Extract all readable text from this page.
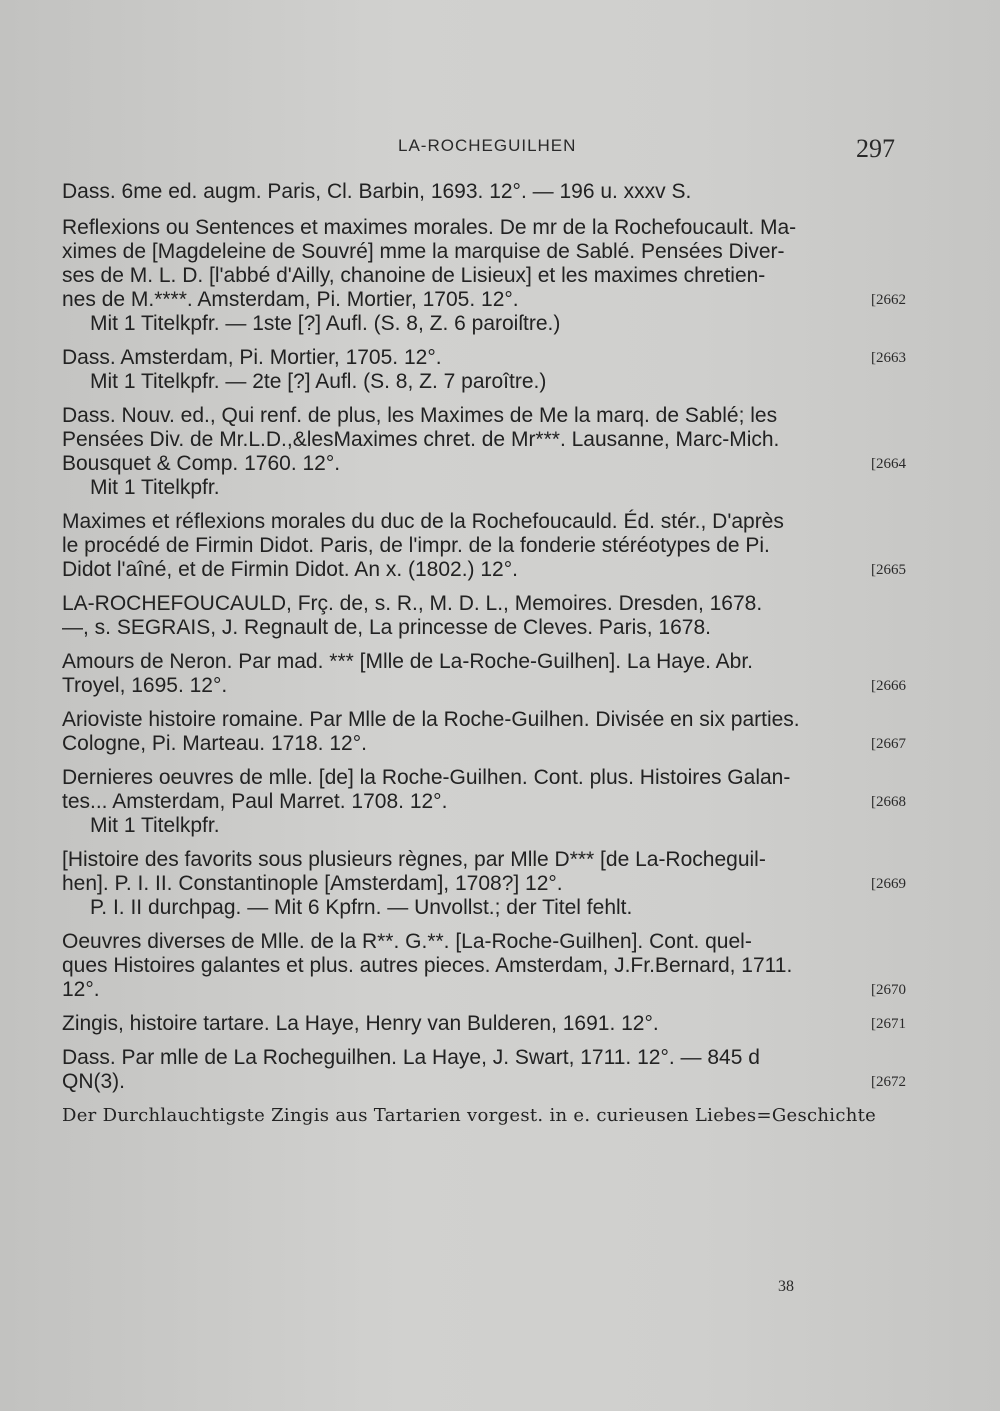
LA-ROCHEGUILHEN	297
Dass. 6me ed. augm. Paris, Cl. Barbin, 1693. 12°. — 196 u. xxxv S.
Reflexions ou Sentences et maximes morales. De mr de la Rochefoucault. Ma-
ximes de [Magdeleine de Souvré] mme la marquise de Sablé. Pensées Diver-
ses de M. L. D. [l'abbé d'Ailly, chanoine de Lisieux] et les maximes chretien-
nes de M.****. Amsterdam, Pi. Mortier, 1705. 12°.	[2662
Mit 1 Titelkpfr. — 1ste [?] Aufl. (S. 8, Z. 6 paroiſtre.)
Dass. Amsterdam, Pi. Mortier, 1705. 12°.	[2663
Mit 1 Titelkpfr. — 2te [?] Aufl. (S. 8, Z. 7 paroître.)
Dass. Nouv. ed., Qui renf. de plus, les Maximes de Me la marq. de Sablé; les
Pensées Div. de Mr.L.D.,&lesMaximes chret. de Mr***. Lausanne, Marc-Mich.
Bousquet & Comp. 1760. 12°.	[2664
Mit 1 Titelkpfr.
Maximes et réflexions morales du duc de la Rochefoucauld. Éd. stér., D'après
le procédé de Firmin Didot. Paris, de l'impr. de la fonderie stéréotypes de Pi.
Didot l'aîné, et de Firmin Didot. An x. (1802.) 12°.	[2665
LA-ROCHEFOUCAULD, Frç. de, s. R., M. D. L., Memoires. Dresden, 1678.
—, s. SEGRAIS, J. Regnault de, La princesse de Cleves. Paris, 1678.
Amours de Neron. Par mad. *** [Mlle de La-Roche-Guilhen]. La Haye. Abr.
Troyel, 1695. 12°.	[2666
Arioviste histoire romaine. Par Mlle de la Roche-Guilhen. Divisée en six parties.
Cologne, Pi. Marteau. 1718. 12°.	[2667
Dernieres oeuvres de mlle. [de] la Roche-Guilhen. Cont. plus. Histoires Galan-
tes... Amsterdam, Paul Marret. 1708. 12°.	[2668
Mit 1 Titelkpfr.
[Histoire des favorits sous plusieurs règnes, par Mlle D*** [de La-Rocheguil-
hen]. P. I. II. Constantinople [Amsterdam], 1708?] 12°.	[2669
P. I. II durchpag. — Mit 6 Kpfrn. — Unvollst.; der Titel fehlt.
Oeuvres diverses de Mlle. de la R**. G.**. [La-Roche-Guilhen]. Cont. quel-
ques Histoires galantes et plus. autres pieces. Amsterdam, J.Fr.Bernard, 1711.
12°.	[2670
Zingis, histoire tartare. La Haye, Henry van Bulderen, 1691. 12°.	[2671
Dass. Par mlle de La Rocheguilhen. La Haye, J. Swart, 1711. 12°. — 845 d
QN(3).	[2672
Der Durchlauchtigste Zingis aus Tartarien vorgest. in e. curieusen Liebes=Geschichte
38
